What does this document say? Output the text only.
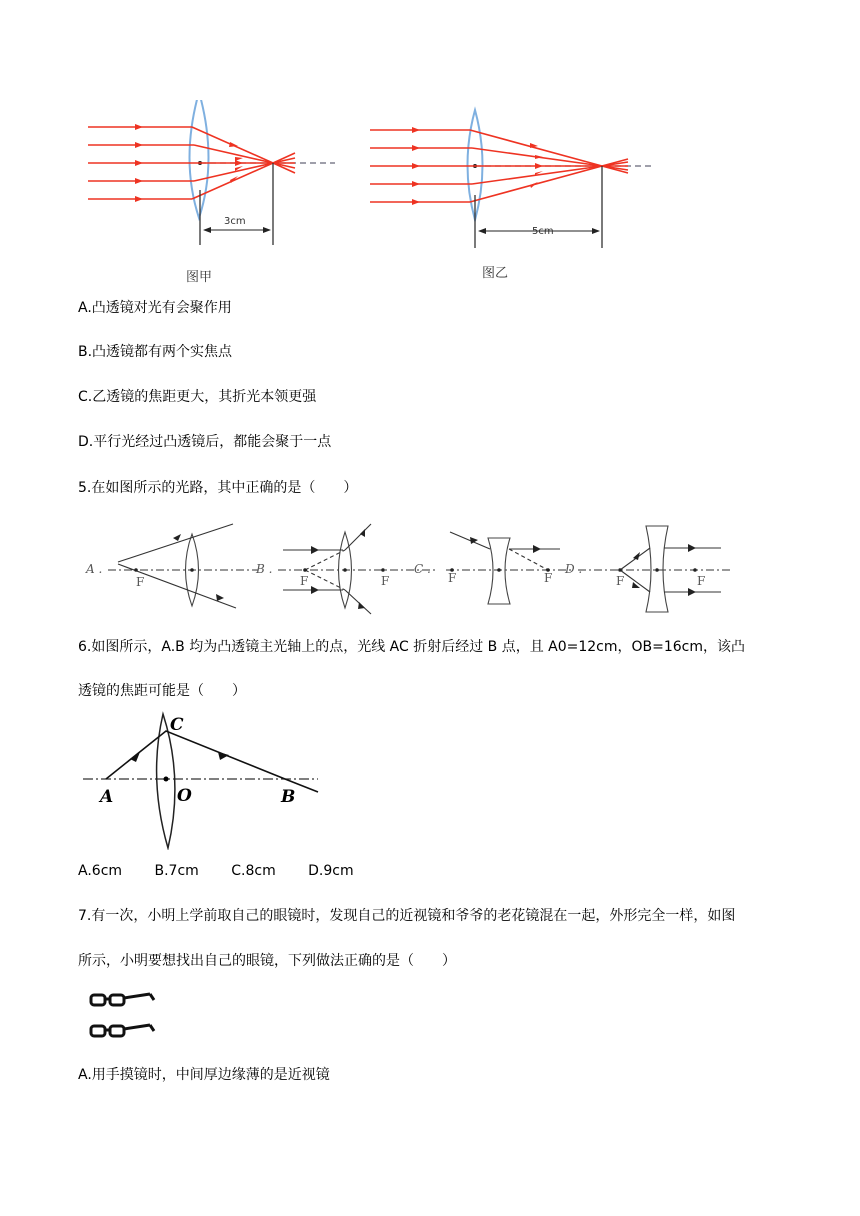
3cm
5cm
图甲	图乙
A.凸透镜对光有会聚作用
B.凸透镜都有两个实焦点
C.乙透镜的焦距更大，其折光本领更强
D.平行光经过凸透镜后，都能会聚于一点
5.在如图所示的光路，其中正确的是（　　）
A .	B .	C .	D .
F	F	F	F	F	F	F
6.如图所示，A.B 均为凸透镜主光轴上的点，光线 AC 折射后经过 B 点，且 A0=12cm，OB=16cm，该凸
透镜的焦距可能是（　　）
A
C
O	B
A.6cm B.7cm C.8cm D.9cm
7.有一次，小明上学前取自己的眼镜时，发现自己的近视镜和爷爷的老花镜混在一起，外形完全一样，如图
所示，小明要想找出自己的眼镜，下列做法正确的是（　　）
A.用手摸镜时，中间厚边缘薄的是近视镜
